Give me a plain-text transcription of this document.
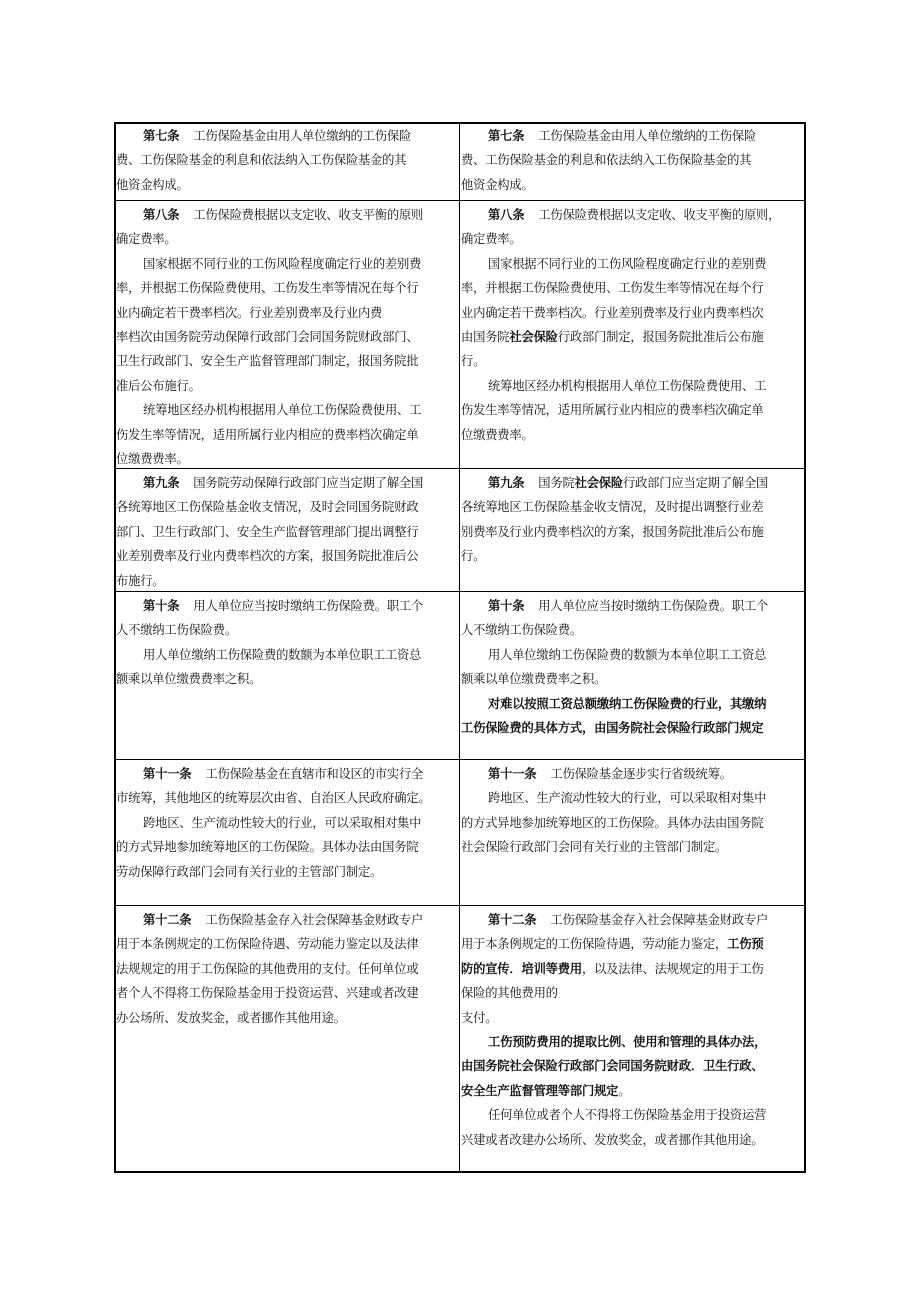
第七条 工伤保险基金由用人单位缴纳的工伤保险

费、工伤保险基金的利息和依法纳入工伤保险基金的其

他资金构成。

第七条 工伤保险基金由用人单位缴纳的工伤保险

费、工伤保险基金的利息和依法纳入工伤保险基金的其

他资金构成。

第八条 工伤保险费根据以支定收、收支平衡的原则

确定费率。

国家根据不同行业的工伤风险程度确定行业的差别费

率，并根据工伤保险费使用、工伤发生率等情况在每个行

业内确定若干费率档次。行业差别费率及行业内费

率档次由国务院劳动保障行政部门会同国务院财政部门、

卫生行政部门、安全生产监督管理部门制定，报国务院批

准后公布施行。

统筹地区经办机构根据用人单位工伤保险费使用、工

伤发生率等情况，适用所属行业内相应的费率档次确定单

位缴费费率。

第八条 工伤保险费根据以支定收、收支平衡的原则，

确定费率。

国家根据不同行业的工伤风险程度确定行业的差别费

率，并根据工伤保险费使用、工伤发生率等情况在每个行

业内确定若干费率档次。行业差别费率及行业内费率档次

由国务院社会保险行政部门制定，报国务院批准后公布施

行。

统筹地区经办机构根据用人单位工伤保险费使用、工

伤发生率等情况，适用所属行业内相应的费率档次确定单

位缴费费率。

第九条 国务院劳动保障行政部门应当定期了解全国

各统筹地区工伤保险基金收支情况，及时会同国务院财政

部门、卫生行政部门、安全生产监督管理部门提出调整行

业差别费率及行业内费率档次的方案，报国务院批准后公

布施行。

第九条 国务院社会保险行政部门应当定期了解全国

各统筹地区工伤保险基金收支情况，及时提出调整行业差

别费率及行业内费率档次的方案，报国务院批准后公布施

行。

第十条 用人单位应当按时缴纳工伤保险费。职工个

人不缴纳工伤保险费。

用人单位缴纳工伤保险费的数额为本单位职工工资总

额乘以单位缴费费率之积。

第十条 用人单位应当按时缴纳工伤保险费。职工个

人不缴纳工伤保险费。

用人单位缴纳工伤保险费的数额为本单位职工工资总

额乘以单位缴费费率之积。

对难以按照工资总额缴纳工伤保险费的行业，其缴纳

工伤保险费的具体方式，由国务院社会保险行政部门规定

第十一条 工伤保险基金在直辖市和设区的市实行全

市统筹，其他地区的统筹层次由省、自治区人民政府确定。

跨地区、生产流动性较大的行业，可以采取相对集中

的方式异地参加统筹地区的工伤保险。具体办法由国务院

劳动保障行政部门会同有关行业的主管部门制定。

第十一条 工伤保险基金逐步实行省级统筹。

跨地区、生产流动性较大的行业，可以采取相对集中

的方式异地参加统筹地区的工伤保险。具体办法由国务院

社会保险行政部门会同有关行业的主管部门制定。

第十二条 工伤保险基金存入社会保障基金财政专户

用于本条例规定的工伤保险待遇、劳动能力鉴定以及法律

法规规定的用于工伤保险的其他费用的支付。任何单位或

者个人不得将工伤保险基金用于投资运营、兴建或者改建

办公场所、发放奖金，或者挪作其他用途。

第十二条 工伤保险基金存入社会保障基金财政专户

用于本条例规定的工伤保险待遇，劳动能力鉴定，工伤预

防的宣传．培训等费用，以及法律、法规规定的用于工伤

保险的其他费用的

支付。

工伤预防费用的提取比例、使用和管理的具体办法，

由国务院社会保险行政部门会同国务院财政．卫生行政、

安全生产监督管理等部门规定。

任何单位或者个人不得将工伤保险基金用于投资运营

兴建或者改建办公场所、发放奖金，或者挪作其他用途。
